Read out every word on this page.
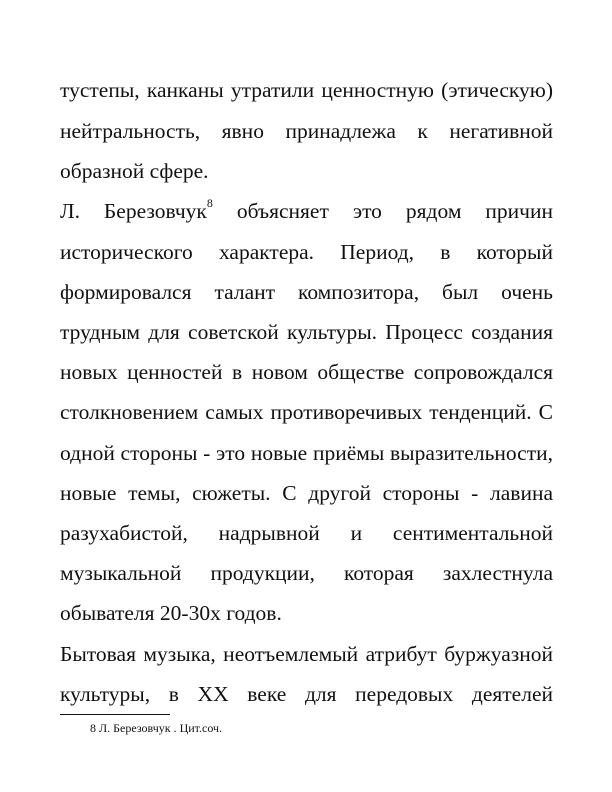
тустепы, канканы утратили ценностную (этическую)
нейтральность, явно принадлежа к негативной
образной сфере.
Л. Березовчук$^8$ объясняет это рядом причин
исторического характера. Период, в который
формировался талант композитора, был очень
трудным для советской культуры. Процесс создания
новых ценностей в новом обществе сопровождался
столкновением самых противоречивых тенденций. С
одной стороны - это новые приёмы выразительности,
новые темы, сюжеты. С другой стороны - лавина
разухабистой, надрывной и сентиментальной
музыкальной продукции, которая захлестнула
обывателя 20-30х годов.
Бытовая музыка, неотъемлемый атрибут буржуазной
культуры, в XX веке для передовых деятелей
8 Л. Березовчук . Цит.соч.
